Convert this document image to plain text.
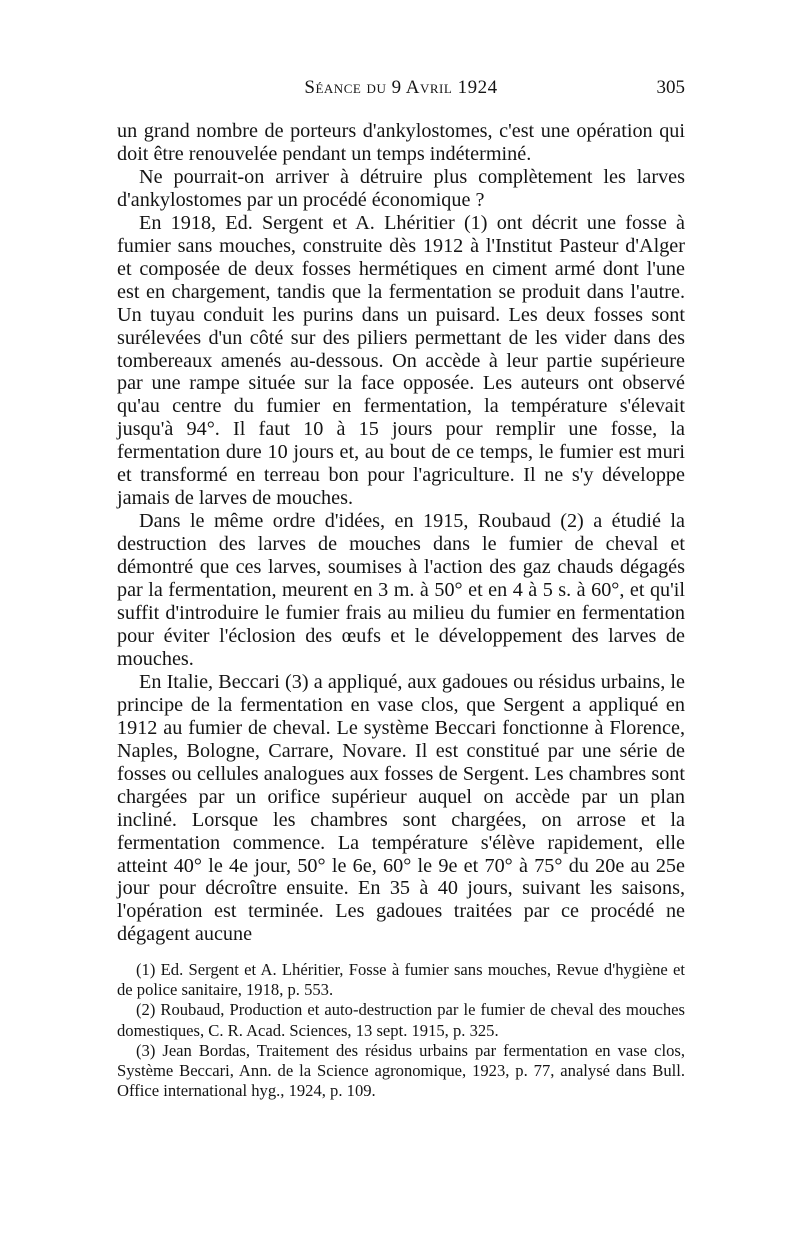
Séance du 9 Avril 1924	305

un grand nombre de porteurs d'ankylostomes, c'est une opération qui doit être renouvelée pendant un temps indéterminé.

Ne pourrait-on arriver à détruire plus complètement les larves d'ankylostomes par un procédé économique ?

En 1918, Ed. Sergent et A. Lhéritier (1) ont décrit une fosse à fumier sans mouches, construite dès 1912 à l'Institut Pasteur d'Alger et composée de deux fosses hermétiques en ciment armé dont l'une est en chargement, tandis que la fermentation se produit dans l'autre. Un tuyau conduit les purins dans un puisard. Les deux fosses sont surélevées d'un côté sur des piliers permettant de les vider dans des tombereaux amenés au-dessous. On accède à leur partie supérieure par une rampe située sur la face opposée. Les auteurs ont observé qu'au centre du fumier en fermentation, la température s'élevait jusqu'à 94°. Il faut 10 à 15 jours pour remplir une fosse, la fermentation dure 10 jours et, au bout de ce temps, le fumier est muri et transformé en terreau bon pour l'agriculture. Il ne s'y développe jamais de larves de mouches.

Dans le même ordre d'idées, en 1915, Roubaud (2) a étudié la destruction des larves de mouches dans le fumier de cheval et démontré que ces larves, soumises à l'action des gaz chauds dégagés par la fermentation, meurent en 3 m. à 50° et en 4 à 5 s. à 60°, et qu'il suffit d'introduire le fumier frais au milieu du fumier en fermentation pour éviter l'éclosion des œufs et le développement des larves de mouches.

En Italie, Beccari (3) a appliqué, aux gadoues ou résidus urbains, le principe de la fermentation en vase clos, que Sergent a appliqué en 1912 au fumier de cheval. Le système Beccari fonctionne à Florence, Naples, Bologne, Carrare, Novare. Il est constitué par une série de fosses ou cellules analogues aux fosses de Sergent. Les chambres sont chargées par un orifice supérieur auquel on accède par un plan incliné. Lorsque les chambres sont chargées, on arrose et la fermentation commence. La température s'élève rapidement, elle atteint 40° le 4e jour, 50° le 6e, 60° le 9e et 70° à 75° du 20e au 25e jour pour décroître ensuite. En 35 à 40 jours, suivant les saisons, l'opération est terminée. Les gadoues traitées par ce procédé ne dégagent aucune

(1) Ed. Sergent et A. Lhéritier, Fosse à fumier sans mouches, Revue d'hygiène et de police sanitaire, 1918, p. 553.

(2) Roubaud, Production et auto-destruction par le fumier de cheval des mouches domestiques, C. R. Acad. Sciences, 13 sept. 1915, p. 325.

(3) Jean Bordas, Traitement des résidus urbains par fermentation en vase clos, Système Beccari, Ann. de la Science agronomique, 1923, p. 77, analysé dans Bull. Office international hyg., 1924, p. 109.
